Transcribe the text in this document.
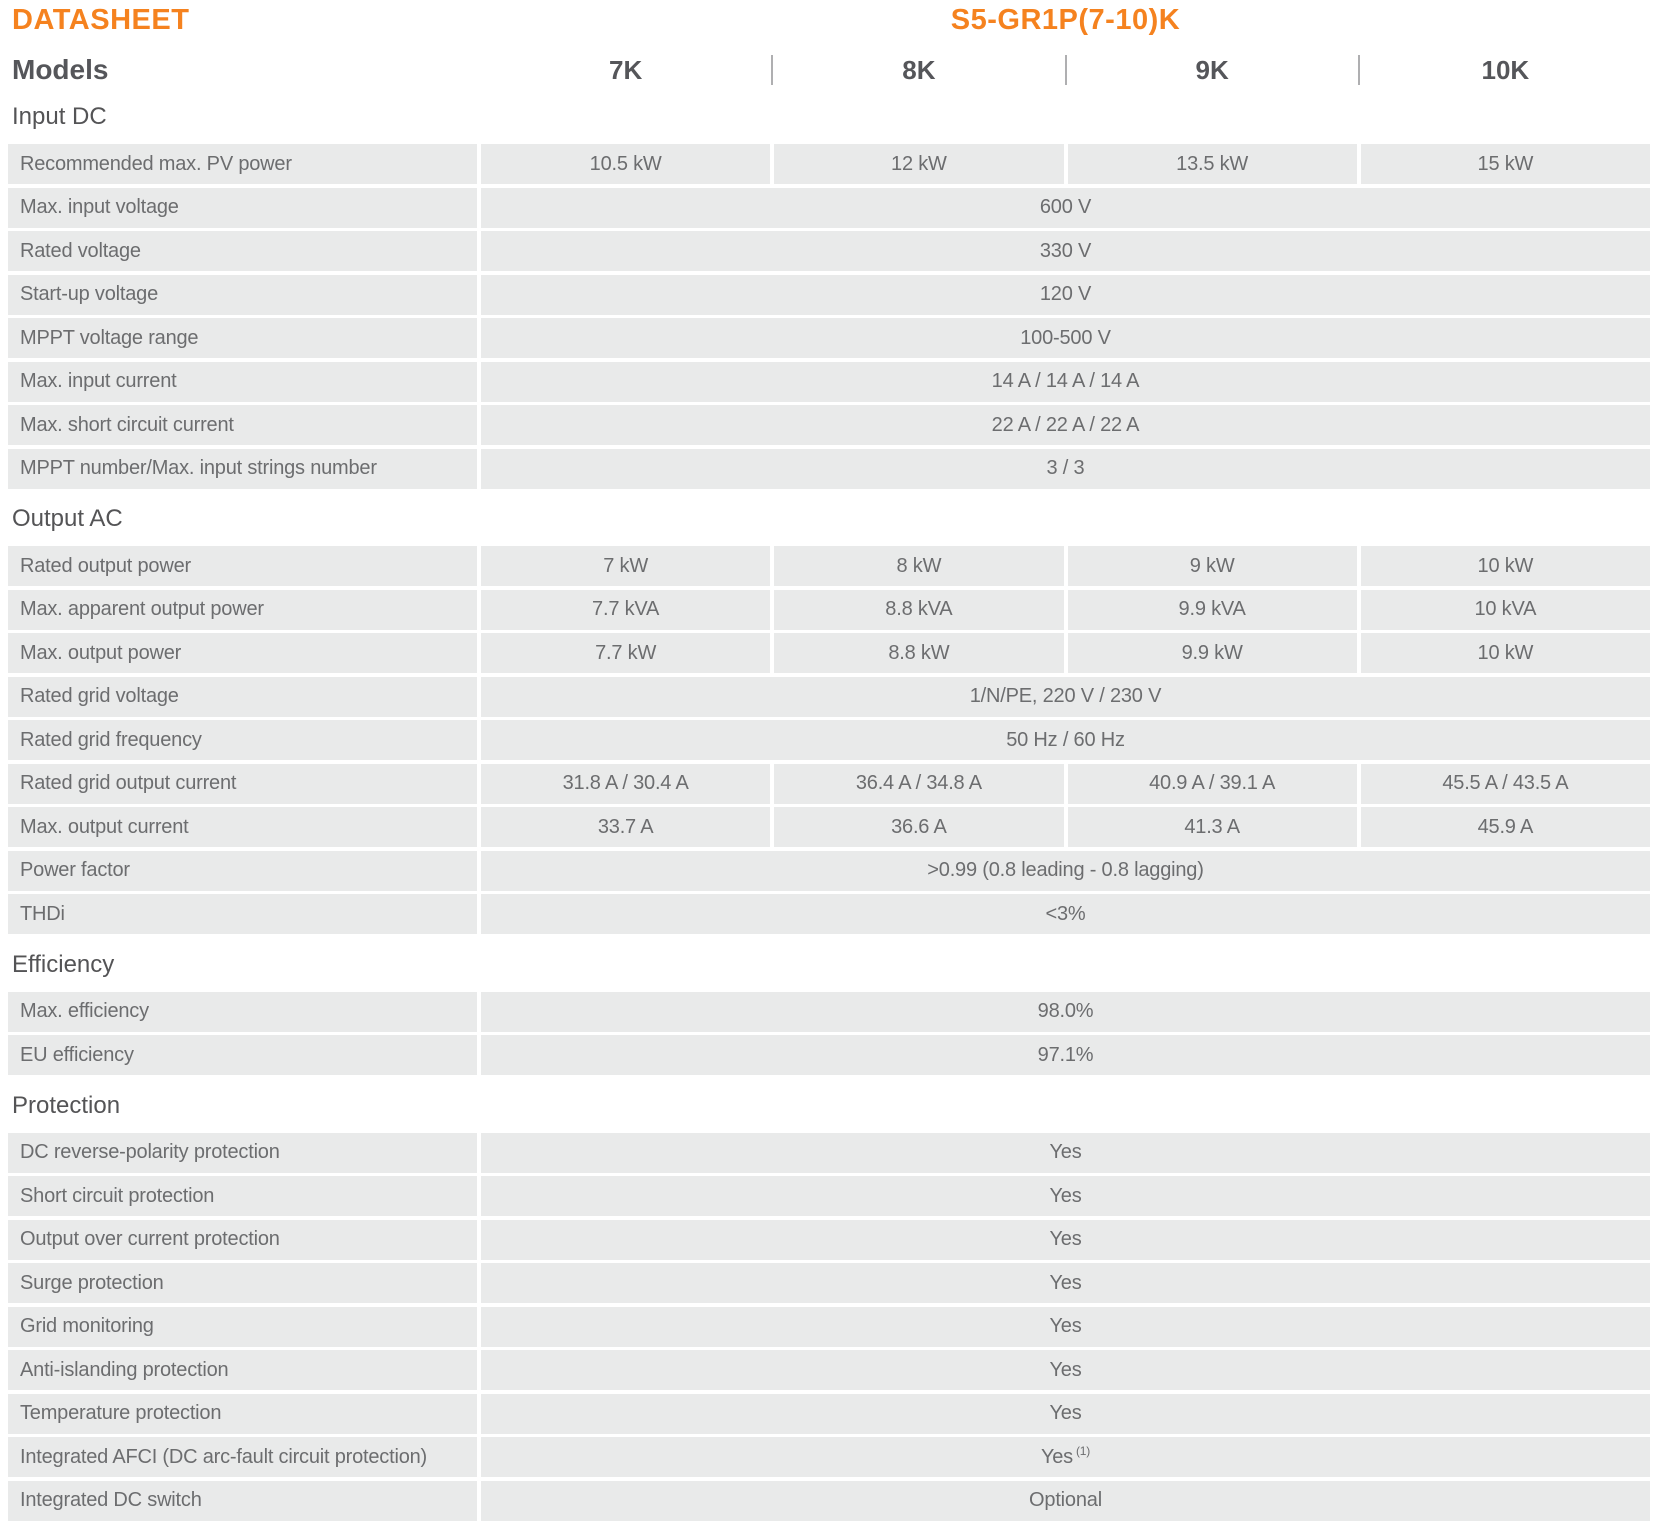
DATASHEET	S5-GR1P(7-10)K
Models	7K	8K	9K	10K
Input DC
Recommended max. PV power	10.5 kW	12 kW	13.5 kW	15 kW
Max. input voltage	600 V
Rated voltage	330 V
Start-up voltage	120 V
MPPT voltage range	100-500 V
Max. input current	14 A / 14 A / 14 A
Max. short circuit current	22 A / 22 A / 22 A
MPPT number/Max. input strings number	3 / 3
Output AC
Rated output power	7 kW	8 kW	9 kW	10 kW
Max. apparent output power	7.7 kVA	8.8 kVA	9.9 kVA	10 kVA
Max. output power	7.7 kW	8.8 kW	9.9 kW	10 kW
Rated grid voltage	1/N/PE, 220 V / 230 V
Rated grid frequency	50 Hz / 60 Hz
Rated grid output current	31.8 A / 30.4 A	36.4 A / 34.8 A	40.9 A / 39.1 A	45.5 A / 43.5 A
Max. output current	33.7 A	36.6 A	41.3 A	45.9 A
Power factor	>0.99 (0.8 leading - 0.8 lagging)
THDi	<3%
Efficiency
Max. efficiency	98.0%
EU efficiency	97.1%
Protection
DC reverse-polarity protection	Yes
Short circuit protection	Yes
Output over current protection	Yes
Surge protection	Yes
Grid monitoring	Yes
Anti-islanding protection	Yes
Temperature protection	Yes
Integrated AFCI (DC arc-fault circuit protection)	Yes $^{(1)}$
Integrated DC switch	Optional
